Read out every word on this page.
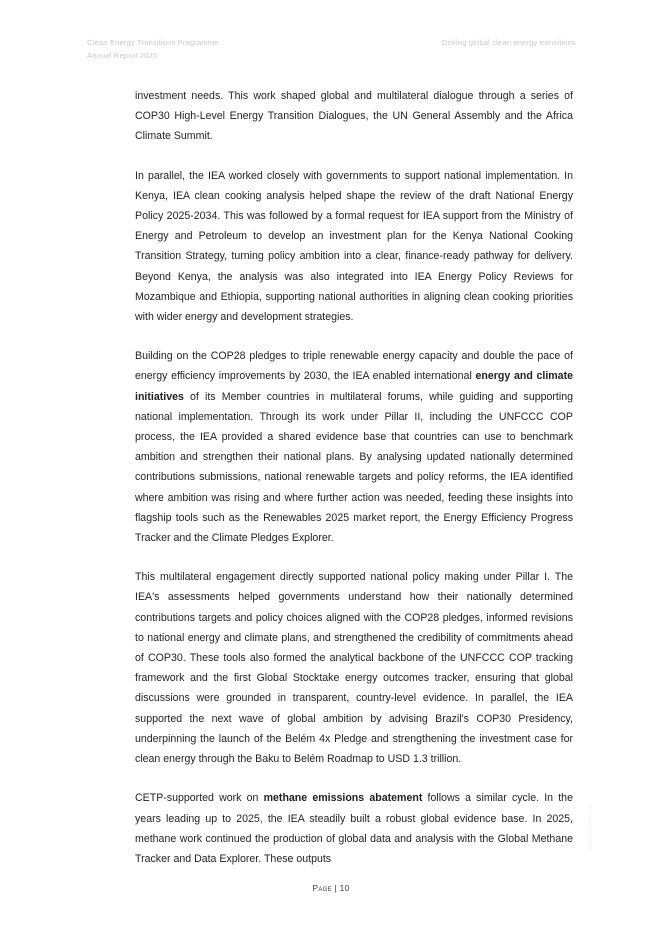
Clean Energy Transitions Programme
Annual Report 2025
Driving global clean energy transitions

investment needs. This work shaped global and multilateral dialogue through a series of COP30 High-Level Energy Transition Dialogues, the UN General Assembly and the Africa Climate Summit.

In parallel, the IEA worked closely with governments to support national implementation. In Kenya, IEA clean cooking analysis helped shape the review of the draft National Energy Policy 2025-2034. This was followed by a formal request for IEA support from the Ministry of Energy and Petroleum to develop an investment plan for the Kenya National Cooking Transition Strategy, turning policy ambition into a clear, finance-ready pathway for delivery. Beyond Kenya, the analysis was also integrated into IEA Energy Policy Reviews for Mozambique and Ethiopia, supporting national authorities in aligning clean cooking priorities with wider energy and development strategies.

Building on the COP28 pledges to triple renewable energy capacity and double the pace of energy efficiency improvements by 2030, the IEA enabled international energy and climate initiatives of its Member countries in multilateral forums, while guiding and supporting national implementation. Through its work under Pillar II, including the UNFCCC COP process, the IEA provided a shared evidence base that countries can use to benchmark ambition and strengthen their national plans. By analysing updated nationally determined contributions submissions, national renewable targets and policy reforms, the IEA identified where ambition was rising and where further action was needed, feeding these insights into flagship tools such as the Renewables 2025 market report, the Energy Efficiency Progress Tracker and the Climate Pledges Explorer.

This multilateral engagement directly supported national policy making under Pillar I. The IEA's assessments helped governments understand how their nationally determined contributions targets and policy choices aligned with the COP28 pledges, informed revisions to national energy and climate plans, and strengthened the credibility of commitments ahead of COP30. These tools also formed the analytical backbone of the UNFCCC COP tracking framework and the first Global Stocktake energy outcomes tracker, ensuring that global discussions were grounded in transparent, country-level evidence. In parallel, the IEA supported the next wave of global ambition by advising Brazil's COP30 Presidency, underpinning the launch of the Belém 4x Pledge and strengthening the investment case for clean energy through the Baku to Belém Roadmap to USD 1.3 trillion.

CETP-supported work on methane emissions abatement follows a similar cycle. In the years leading up to 2025, the IEA steadily built a robust global evidence base. In 2025, methane work continued the production of global data and analysis with the Global Methane Tracker and Data Explorer. These outputs

Page | 10
IEA. CC BY 4.0
